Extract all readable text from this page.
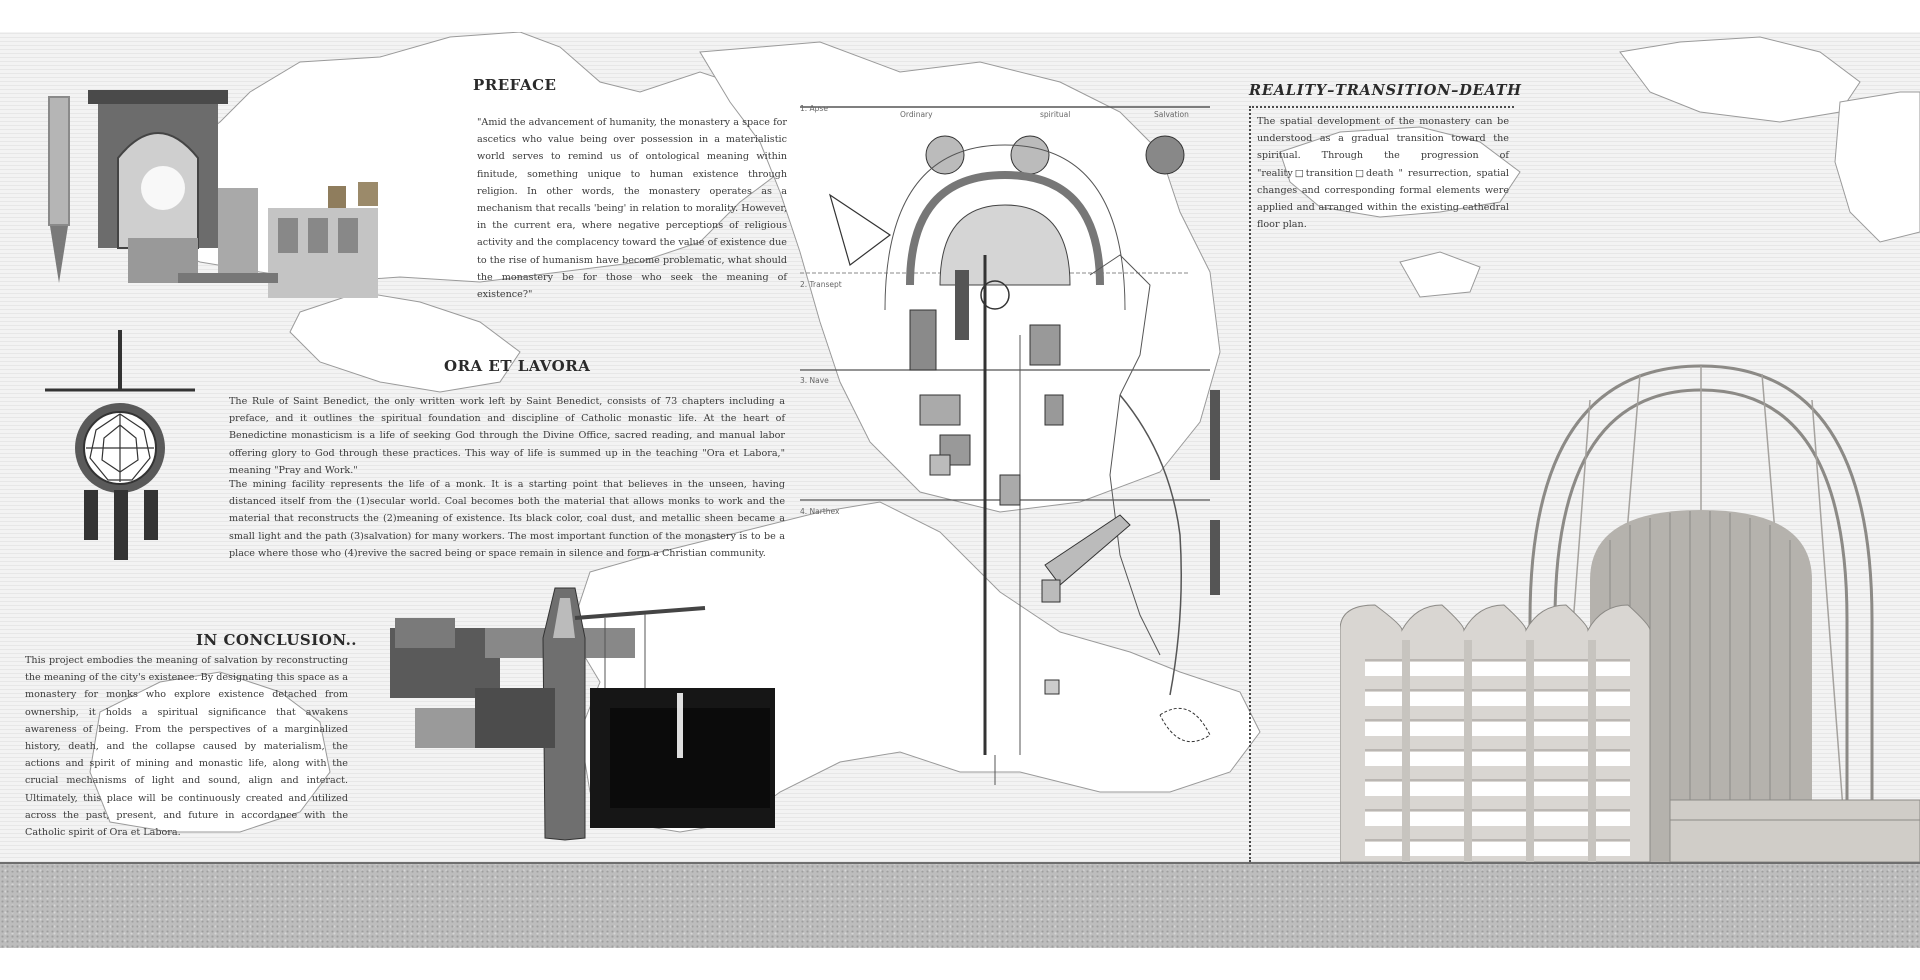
1. Apse
2. Transept
3. Nave
4. Narthex
Ordinary	spiritual	Salvation
PREFACE

"Amid the advancement of humanity, the monastery a space for ascetics who value being over possession in a materialistic world serves to remind us of ontological meaning within finitude, something unique to human existence through religion. In other words, the monastery operates as a mechanism that recalls 'being' in relation to morality. However, in the current era, where negative perceptions of religious activity and the complacency toward the value of existence due to the rise of humanism have become problematic, what should the monastery be for those who seek the meaning of existence?"

ORA ET LAVORA

The Rule of Saint Benedict, the only written work left by Saint Benedict, consists of 73 chapters including a preface, and it outlines the spiritual foundation and discipline of Catholic monastic life. At the heart of Benedictine monasticism is a life of seeking God through the Divine Office, sacred reading, and manual labor offering glory to God through these practices. This way of life is summed up in the teaching "Ora et Labora," meaning "Pray and Work."

The mining facility represents the life of a monk. It is a starting point that believes in the unseen, having distanced itself from the (1)secular world. Coal becomes both the material that allows monks to work and the material that reconstructs the (2)meaning of existence. Its black color, coal dust, and metallic sheen became a small light and the path (3)salvation) for many workers. The most important function of the monastery is to be a place where those who (4)revive the sacred being or space remain in silence and form a Christian community.

IN CONCLUSION..

This project embodies the meaning of salvation by reconstructing the meaning of the city's existence. By designating this space as a monastery for monks who explore existence detached from ownership, it holds a spiritual significance that awakens awareness of being. From the perspectives of a marginalized history, death, and the collapse caused by materialism, the actions and spirit of mining and monastic life, along with the crucial mechanisms of light and sound, align and interact. Ultimately, this place will be continuously created and utilized across the past, present, and future in accordance with the Catholic spirit of Ora et Labora.

REALITY–TRANSITION–DEATH

The spatial development of the monastery can be understood as a gradual transition toward the spiritual. Through the progression of "reality□transition□death " resurrection, spatial changes and corresponding formal elements were applied and arranged within the existing cathedral floor plan.
